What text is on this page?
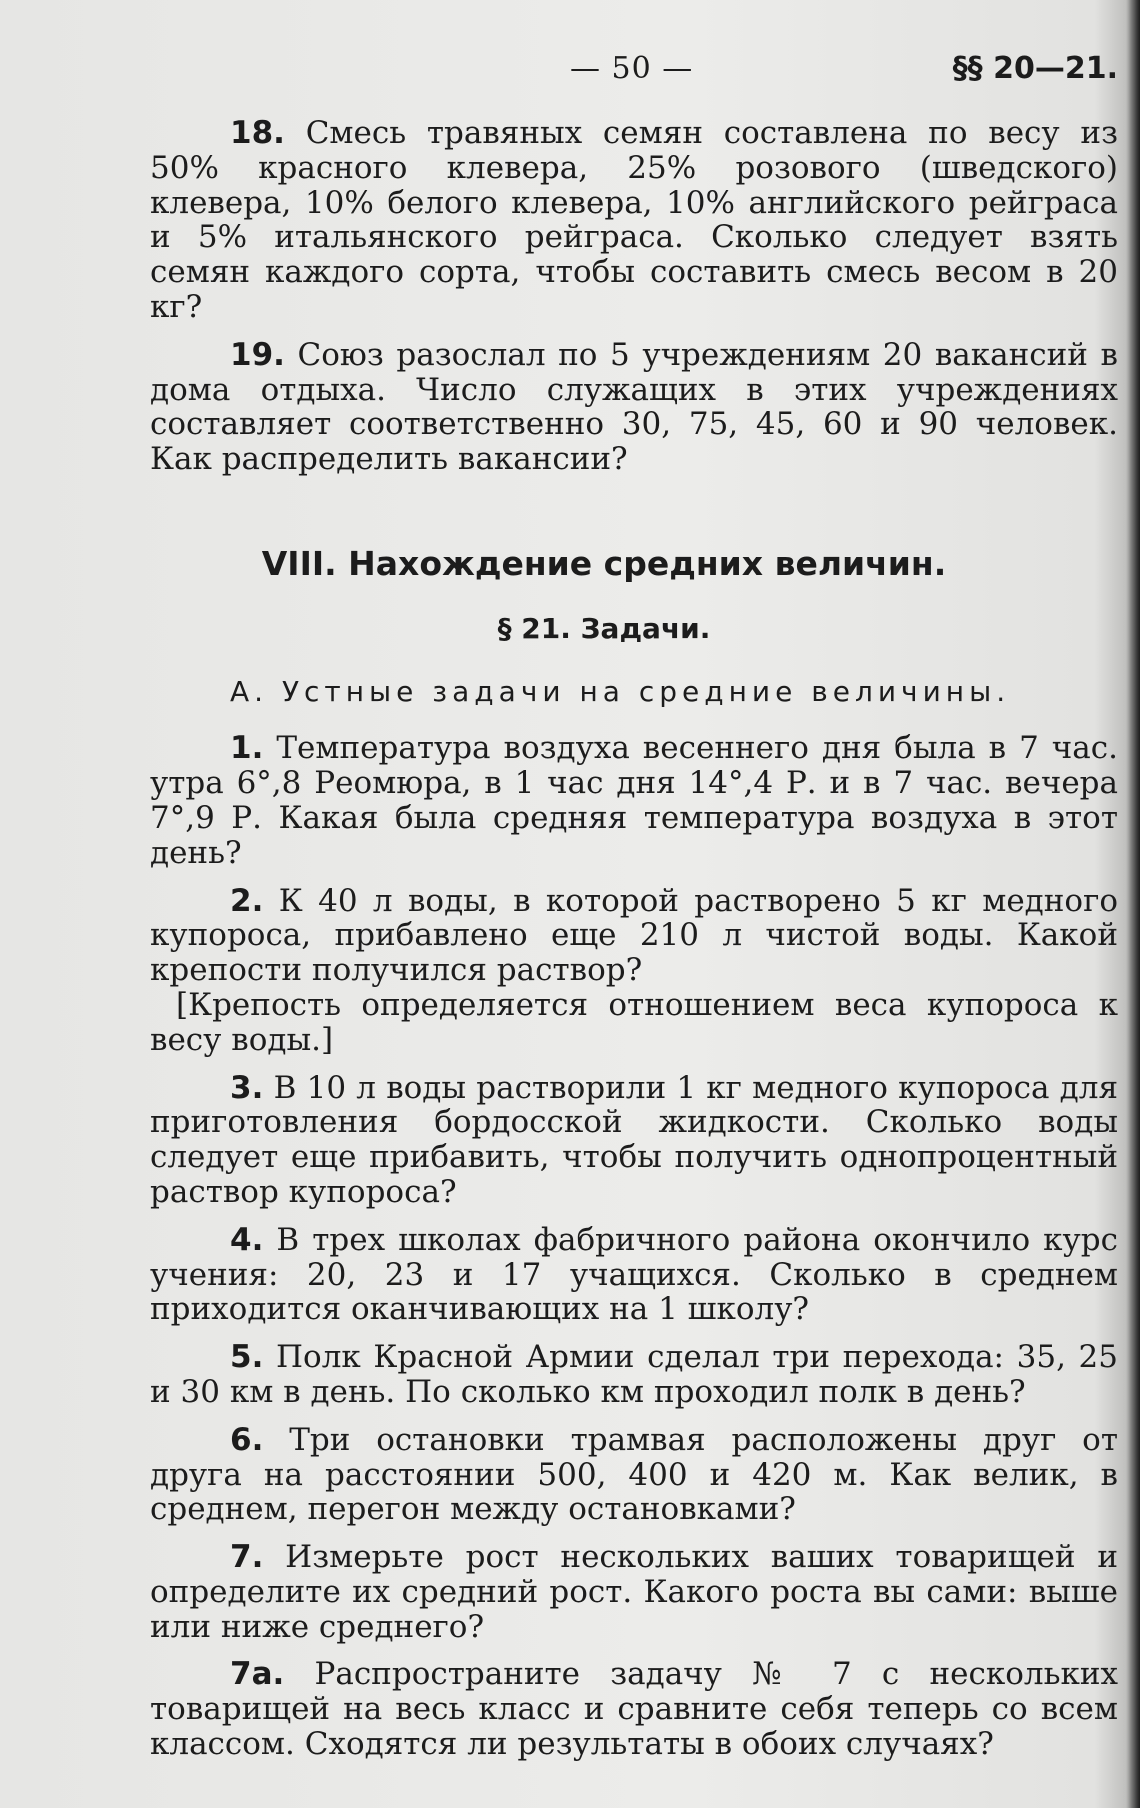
— 50 —	§§ 20—21.

18. Смесь травяных семян составлена по весу из 50% красного клевера, 25% розового (шведского) клевера, 10% белого клевера, 10% английского рейграса и 5% итальянского рейграса. Сколько следует взять семян каждого сорта, чтобы составить смесь весом в 20 кг?

19. Союз разослал по 5 учреждениям 20 вакансий в дома отдыха. Число служащих в этих учреждениях составляет соответственно 30, 75, 45, 60 и 90 человек. Как распределить вакансии?

VIII. Нахождение средних величин.
§ 21. Задачи.
А. Устные задачи на средние величины.

1. Температура воздуха весеннего дня была в 7 час. утра 6°,8 Реомюра, в 1 час дня 14°,4 Р. и в 7 час. вечера 7°,9 Р. Какая была средняя температура воздуха в этот день?

2. К 40 л воды, в которой растворено 5 кг медного купороса, прибавлено еще 210 л чистой воды. Какой крепости получился раствор?

[Крепость определяется отношением веса купороса к весу воды.]

3. В 10 л воды растворили 1 кг медного купороса для приготовления бордосской жидкости. Сколько воды следует еще прибавить, чтобы получить однопроцентный раствор купороса?

4. В трех школах фабричного района окончило курс учения: 20, 23 и 17 учащихся. Сколько в среднем приходится оканчивающих на 1 школу?

5. Полк Красной Армии сделал три перехода: 35, 25 и 30 км в день. По сколько км проходил полк в день?

6. Три остановки трамвая расположены друг от друга на расстоянии 500, 400 и 420 м. Как велик, в среднем, перегон между остановками?

7. Измерьте рост нескольких ваших товарищей и определите их средний рост. Какого роста вы сами: выше или ниже среднего?

7а. Распространите задачу № 7 с нескольких товарищей на весь класс и сравните себя теперь со всем классом. Сходятся ли результаты в обоих случаях?
